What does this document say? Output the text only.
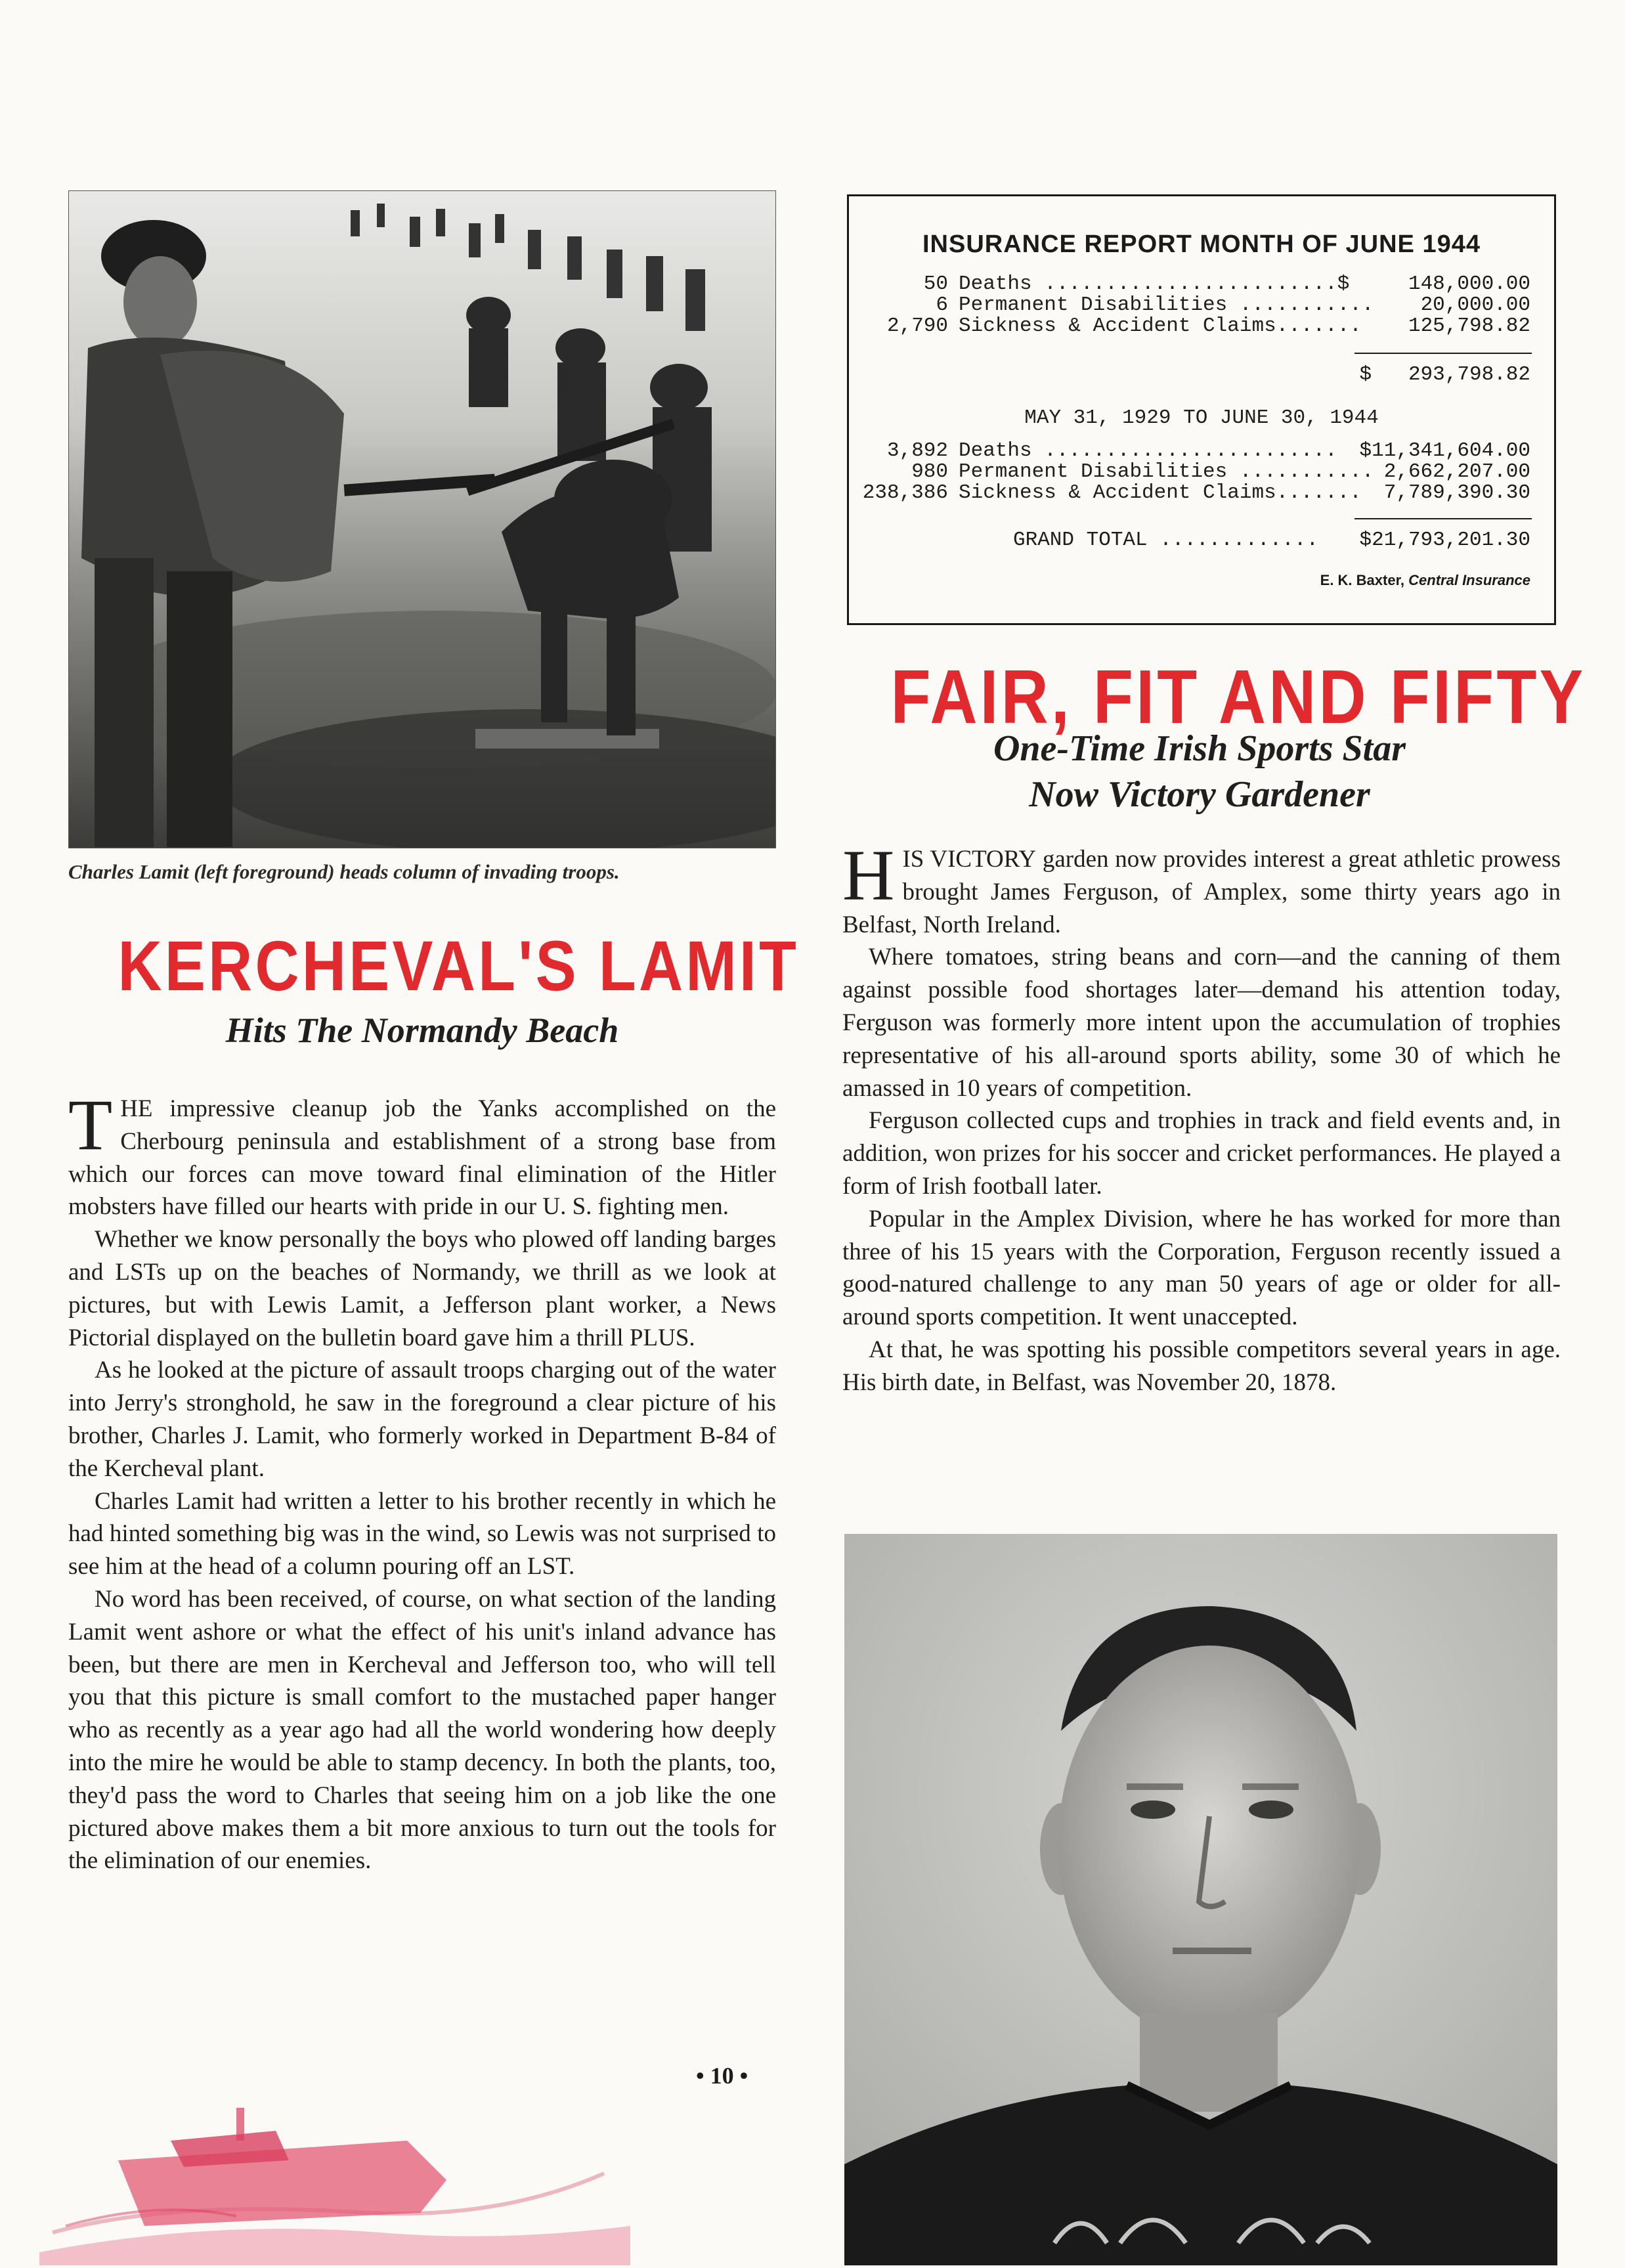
Charles Lamit (left foreground) heads column of invading troops.
KERCHEVAL'S LAMIT
Hits The Normandy Beach

THE impressive cleanup job the Yanks accomplished on the Cherbourg peninsula and establishment of a strong base from which our forces can move toward final elimination of the Hitler mobsters have filled our hearts with pride in our U. S. fighting men.

Whether we know personally the boys who plowed off landing barges and LSTs up on the beaches of Normandy, we thrill as we look at pictures, but with Lewis Lamit, a Jefferson plant worker, a News Pictorial displayed on the bulletin board gave him a thrill PLUS.

As he looked at the picture of assault troops charging out of the water into Jerry's stronghold, he saw in the foreground a clear picture of his brother, Charles J. Lamit, who formerly worked in Department B-84 of the Kercheval plant.

Charles Lamit had written a letter to his brother recently in which he had hinted something big was in the wind, so Lewis was not surprised to see him at the head of a column pouring off an LST.

No word has been received, of course, on what section of the landing Lamit went ashore or what the effect of his unit's inland advance has been, but there are men in Kercheval and Jefferson too, who will tell you that this picture is small comfort to the mustached paper hanger who as recently as a year ago had all the world wondering how deeply into the mire he would be able to stamp decency. In both the plants, too, they'd pass the word to Charles that seeing him on a job like the one pictured above makes them a bit more anxious to turn out the tools for the elimination of our enemies.

• 10 •
INSURANCE REPORT MONTH OF JUNE 1944
50 Deaths ........................$	148,000.00
6 Permanent Disabilities ........... 20,000.00
2,790 Sickness & Accident Claims....... 125,798.82
$   293,798.82
MAY 31, 1929 TO JUNE 30, 1944
3,892 Deaths ........................ $11,341,604.00
980 Permanent Disabilities ........... 2,662,207.00
238,386 Sickness & Accident Claims....... 7,789,390.30
GRAND TOTAL ............. $21,793,201.30
E. K. Baxter, Central Insurance
FAIR, FIT AND FIFTY
One-Time Irish Sports Star
Now Victory Gardener

HIS VICTORY garden now provides interest a great athletic prowess brought James Ferguson, of Amplex, some thirty years ago in Belfast, North Ireland.

Where tomatoes, string beans and corn—and the canning of them against possible food shortages later—demand his attention today, Ferguson was formerly more intent upon the accumulation of trophies representative of his all-around sports ability, some 30 of which he amassed in 10 years of competition.

Ferguson collected cups and trophies in track and field events and, in addition, won prizes for his soccer and cricket performances. He played a form of Irish football later.

Popular in the Amplex Division, where he has worked for more than three of his 15 years with the Corporation, Ferguson recently issued a good-natured challenge to any man 50 years of age or older for all-around sports competition. It went unaccepted.

At that, he was spotting his possible competitors several years in age. His birth date, in Belfast, was November 20, 1878.
